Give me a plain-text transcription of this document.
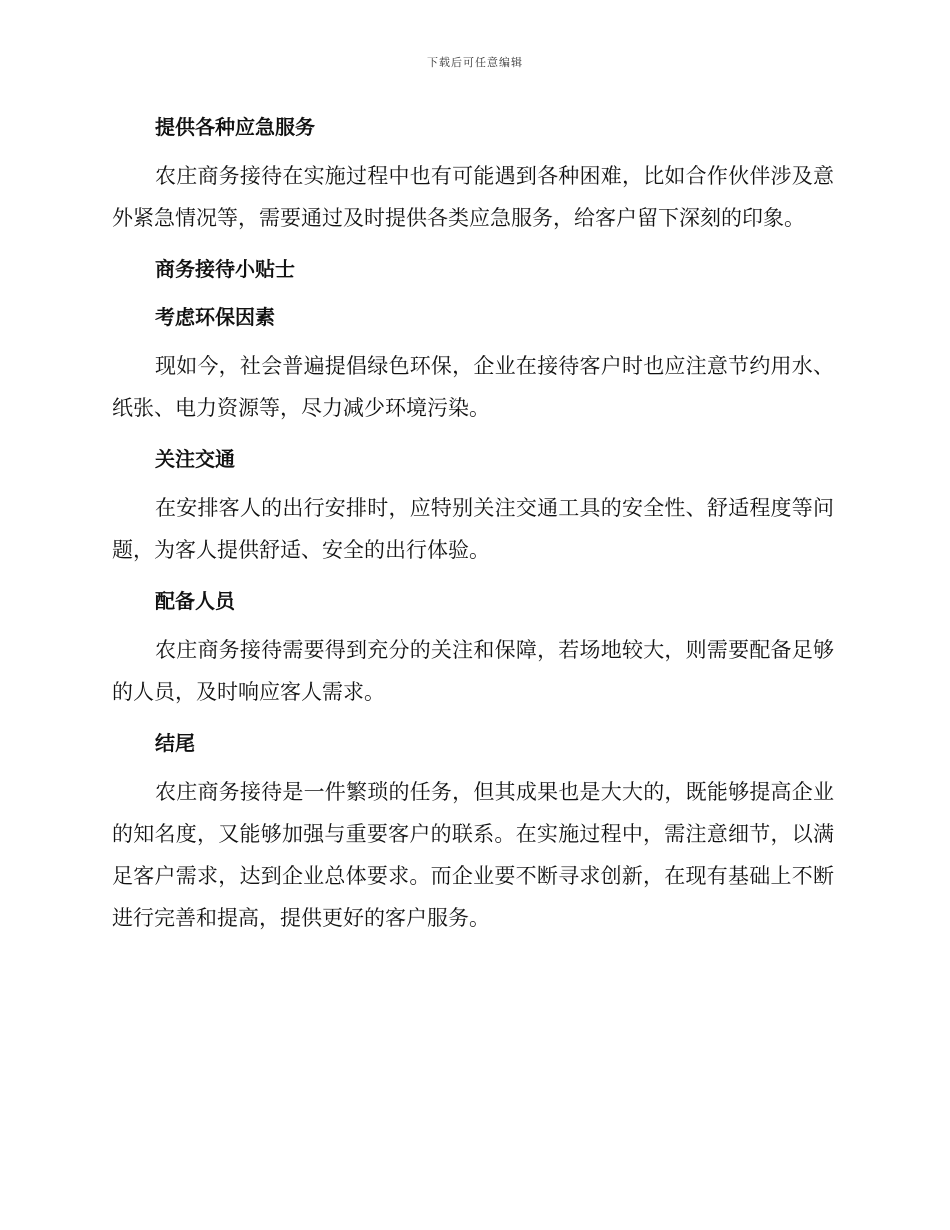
下载后可任意编辑
提供各种应急服务

农庄商务接待在实施过程中也有可能遇到各种困难，比如合作伙伴涉及意外紧急情况等，需要通过及时提供各类应急服务，给客户留下深刻的印象。

商务接待小贴士
考虑环保因素

现如今，社会普遍提倡绿色环保，企业在接待客户时也应注意节约用水、纸张、电力资源等，尽力减少环境污染。

关注交通

在安排客人的出行安排时，应特别关注交通工具的安全性、舒适程度等问题，为客人提供舒适、安全的出行体验。

配备人员

农庄商务接待需要得到充分的关注和保障，若场地较大，则需要配备足够的人员，及时响应客人需求。

结尾

农庄商务接待是一件繁琐的任务，但其成果也是大大的，既能够提高企业的知名度，又能够加强与重要客户的联系。在实施过程中，需注意细节，以满足客户需求，达到企业总体要求。而企业要不断寻求创新，在现有基础上不断进行完善和提高，提供更好的客户服务。
